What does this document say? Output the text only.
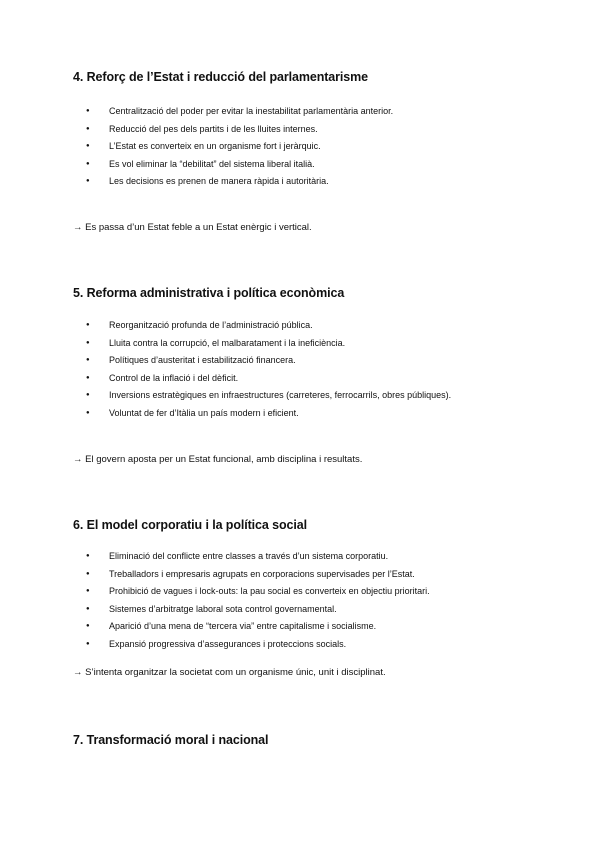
4. Reforç de l’Estat i reducció del parlamentarisme
● Centralització del poder per evitar la inestabilitat parlamentària anterior.
● Reducció del pes dels partits i de les lluites internes.
● L’Estat es converteix en un organisme fort i jeràrquic.
● Es vol eliminar la “debilitat” del sistema liberal italià.
● Les decisions es prenen de manera ràpida i autoritària.

→ Es passa d’un Estat feble a un Estat enèrgic i vertical.

5. Reforma administrativa i política econòmica
● Reorganització profunda de l’administració pública.
● Lluita contra la corrupció, el malbaratament i la ineficiència.
● Polítiques d’austeritat i estabilització financera.
● Control de la inflació i del dèficit.
● Inversions estratègiques en infraestructures (carreteres, ferrocarrils, obres públiques).
● Voluntat de fer d’Itàlia un país modern i eficient.

→ El govern aposta per un Estat funcional, amb disciplina i resultats.

6. El model corporatiu i la política social
● Eliminació del conflicte entre classes a través d’un sistema corporatiu.
● Treballadors i empresaris agrupats en corporacions supervisades per l’Estat.
● Prohibició de vagues i lock-outs: la pau social es converteix en objectiu prioritari.
● Sistemes d’arbitratge laboral sota control governamental.
● Aparició d’una mena de “tercera via” entre capitalisme i socialisme.
● Expansió progressiva d’assegurances i proteccions socials.

→ S’intenta organitzar la societat com un organisme únic, unit i disciplinat.

7. Transformació moral i nacional
